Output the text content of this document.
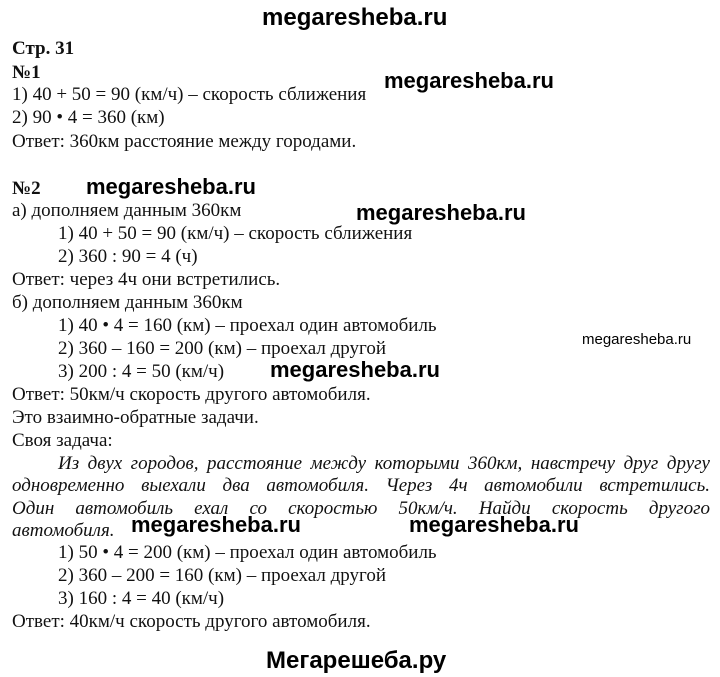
megaresheba.ru
megaresheba.ru
megaresheba.ru
megaresheba.ru
megaresheba.ru
megaresheba.ru
megaresheba.ru	megaresheba.ru
Мегарешеба.ру
Стр. 31
№1
1) 40 + 50 = 90 (км/ч) – скорость сближения
2) 90 • 4 = 360 (км)
Ответ: 360км расстояние между городами.
№2
а) дополняем данным 360км
1) 40 + 50 = 90 (км/ч) – скорость сближения
2) 360 : 90 = 4 (ч)
Ответ: через 4ч они встретились.
б) дополняем данным 360км
1) 40 • 4 = 160 (км) – проехал один автомобиль
2) 360 – 160 = 200 (км) – проехал другой
3) 200 : 4 = 50 (км/ч)
Ответ: 50км/ч скорость другого автомобиля.
Это взаимно-обратные задачи.
Своя задача:
Из двух городов, расстояние между которыми 360км, навстречу друг другу
одновременно выехали два автомобиля. Через 4ч автомобили встретились.
Один автомобиль ехал со скоростью 50км/ч. Найди скорость другого
автомобиля.
1) 50 • 4 = 200 (км) – проехал один автомобиль
2) 360 – 200 = 160 (км) – проехал другой
3) 160 : 4 = 40 (км/ч)
Ответ: 40км/ч скорость другого автомобиля.
